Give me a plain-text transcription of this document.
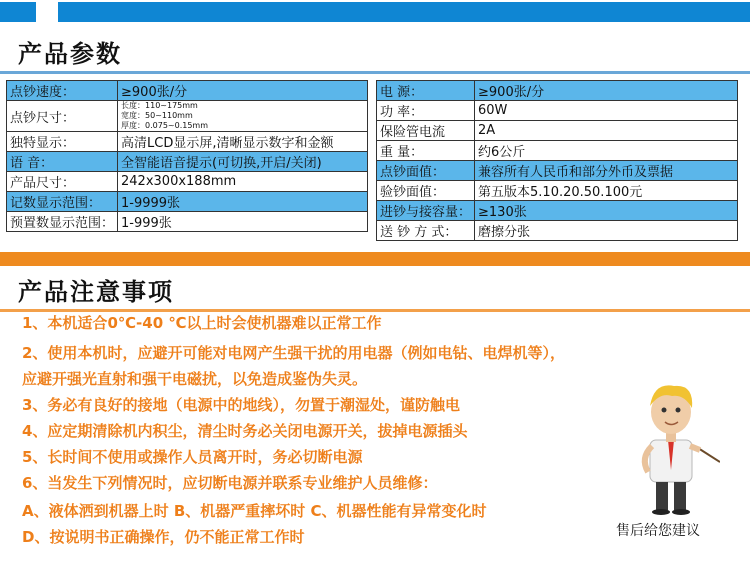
产品参数
点钞速度：	≥900张/分
点钞尺寸：	长度：110~175mm
宽度：50~110mm
厚度：0.075~0.15mm

独特显示：	高清LCD显示屏,清晰显示数字和金额
语 音：	全智能语音提示(可切换,开启/关闭)
产品尺寸：	242x300x188mm
记数显示范围：	1-9999张
预置数显示范围：	1-999张
电 源：	≥900张/分
功 率：	60W
保险管电流	2A
重 量：	约6公斤
点钞面值：	兼容所有人民币和部分外币及票据
验钞面值：	第五版本5.10.20.50.100元
进钞与接容量：	≥130张
送 钞 方 式：	磨擦分张
产品注意事项
1、本机适合0℃-40 ℃以上时会使机器难以正常工作
2、使用本机时，应避开可能对电网产生强干扰的用电器（例如电钻、电焊机等），
应避开强光直射和强干电磁扰，以免造成鉴伪失灵。
3、务必有良好的接地（电源中的地线），勿置于潮湿处，谨防触电
4、应定期清除机内积尘，清尘时务必关闭电源开关，拔掉电源插头
5、长时间不使用或操作人员离开时，务必切断电源
6、当发生下列情况时，应切断电源并联系专业维护人员维修：
A、液体洒到机器上时 B、机器严重摔坏时 C、机器性能有异常变化时
D、按说明书正确操作，仍不能正常工作时	售后给您建议
